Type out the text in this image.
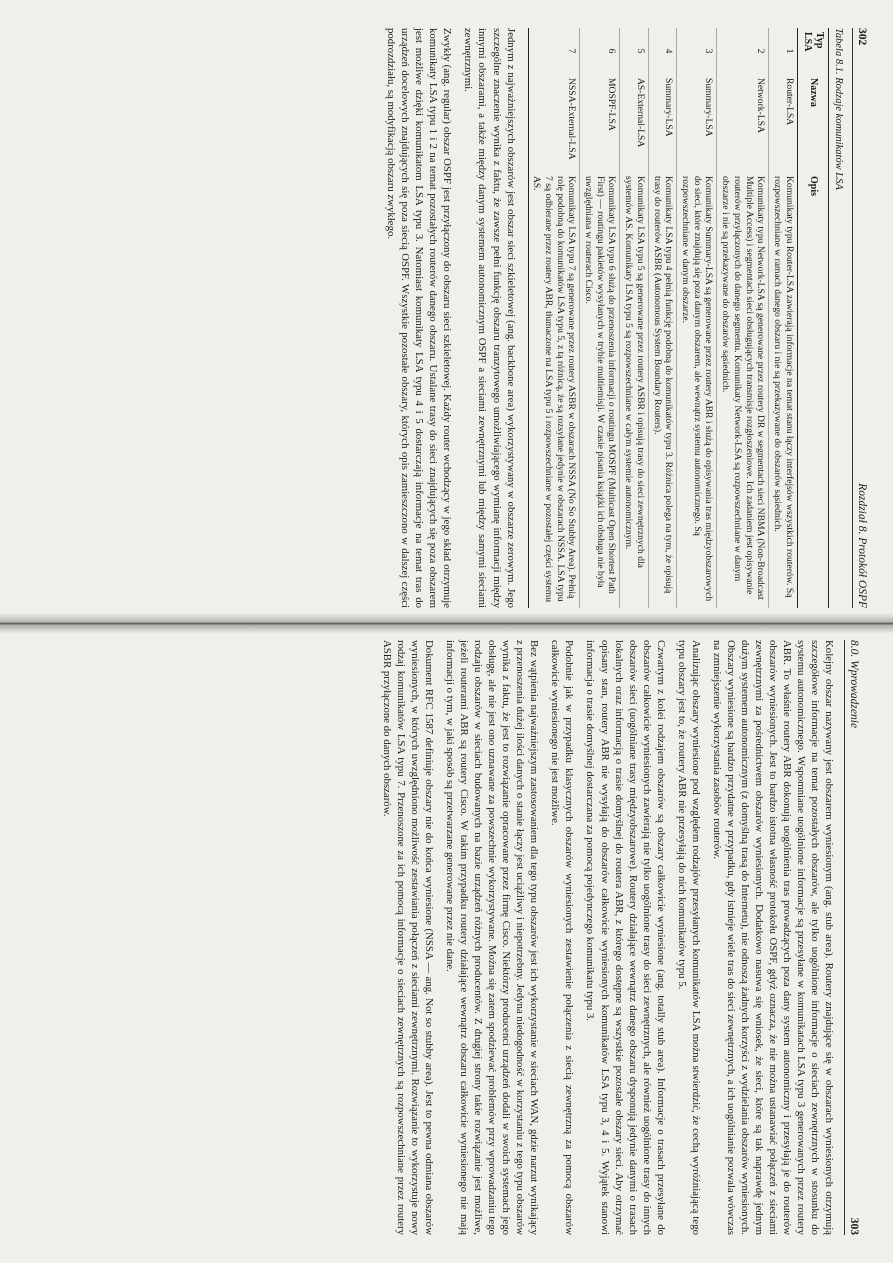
302
Rozdział 8. Protokół OSPF
Tabela 8.1. Rodzaje komunikatów LSA
Typ LSA	Nazwa	Opis
1	Router-LSA	Komunikaty typu Router-LSA zawierają informacje na temat stanu łączy interfejsów wszystkich routerów. Są rozpowszechniane w ramach danego obszaru i nie są przekazywane do obszarów sąsiednich.
2	Network-LSA	Komunikaty typu Network-LSA są generowane przez routery DR w segmentach sieci NBMA (Non-Broadcast Multiple Access) i segmentach sieci obsługujących transmisje rozgłoszeniowe. Ich zadaniem jest opisywanie routerów przyłączonych do danego segmentu. Komunikaty Network-LSA są rozpowszechniane w danym obszarze i nie są przekazywane do obszarów sąsiednich.
3	Summary-LSA	Komunikaty Summary-LSA są generowane przez routery ABR i służą do opisywania tras międzyobszarowych do sieci, które znajdują się poza danym obszarem, ale wewnątrz systemu autonomicznego. Są rozpowszechniane w danym obszarze.
4	Summary-LSA	Komunikaty LSA typu 4 pełnią funkcję podobną do komunikatów typu 3. Różnica polega na tym, że opisują trasy do routerów ASBR (Autonomous System Boundary Routers).
5	AS-External-LSA	Komunikaty LSA typu 5 są generowane przez routery ASBR i opisują trasy do sieci zewnętrznych dla systemów AS. Komunikaty LSA typu 5 są rozpowszechniane w całym systemie autonomicznym.
6	MOSPF-LSA	Komunikaty LSA typu 6 służą do przenoszenia informacji o routingu MOSPF (Multicast Open Shortest Path First) — routingu pakietów wysyłanych w trybie multiemisji. W czasie pisania książki ich obsługa nie była uwzględniana w routerach Cisco.
7	NSSA-External-LSA	Komunikaty LSA typu 7 są generowane przez routery ASBR w obszarach NSSA (No So Stubby Area). Pełnią rolę podobną do komunikatów LSA typu 5, z tą różnicą, że są rozsyłane jedynie w obszarach NSSA. LSA typu 7 są odbierane przez routery ABR, tłumaczone na LSA typu 5 i rozpowszechniane w pozostałej części systemu AS.

Jednym z najważniejszych obszarów jest obszar sieci szkieletowej (ang. backbone area) wykorzystywany w obszarze zerowym. Jego szczególne znaczenie wynika z faktu, że zawsze pełni funkcję obszaru tranzytowego umożliwiającego wymianę informacji między innymi obszarami, a także między danym systemem autonomicznym OSPF a sieciami zewnętrznymi lub między samymi sieciami zewnętrznymi.

Zwykły (ang. regular) obszar OSPF jest przyłączony do obszaru sieci szkieletowej. Każdy router wchodzący w jego skład otrzymuje komunikaty LSA typu 1 i 2 na temat pozostałych routerów danego obszaru. Ustalane trasy do sieci znajdujących się poza obszarem jest możliwe dzięki komunikatom LSA typu 3. Natomiast komunikaty LSA typu 4 i 5 dostarczają informacje na temat tras do urządzeń docelowych znajdujących się poza siecią OSPF. Wszystkie pozostałe obszary, których opis zamieszczono w dalszej części podrozdziału, są modyfikacją obszaru zwykłego.

8.0. Wprowadzenie
303

Kolejny obszar nazywany jest obszarem wyniesionym (ang. stub area). Routery znajdujące się w obszarach wyniesionych otrzymują szczegółowe informacje na temat pozostałych obszarów, ale tylko uogólnione informacje o sieciach zewnętrznych w stosunku do systemu autonomicznego. Wspomniane uogólnione informacje są przesyłane w komunikatach LSA typu 3 generowanych przez routery ABR. To właśnie routery ABR dokonują uogólnienia tras prowadzących poza dany system autonomiczny i przesyłają je do routerów obszarów wyniesionych. Jest to bardzo istotna własność protokołu OSPF, gdyż oznacza, że nie można ustanawiać połączeń z sieciami zewnętrznymi za pośrednictwem obszarów wyniesionych. Dodatkowo nasuwa się wniosek, że sieci, które są tak naprawdę jednym dużym systemem autonomicznym (z domyślną trasą do Internetu), nie odnoszą żadnych korzyści z wydzielania obszarów wyniesionych. Obszary wyniesione są bardzo przydatne w przypadku, gdy istnieje wiele tras do sieci zewnętrznych, a ich uogólnianie pozwala wówczas na zmniejszenie wykorzystania zasobów routerów.

Analizując obszary wyniesione pod względem rodzajów przesyłanych komunikatów LSA można stwierdzić, że cechą wyróżniającą tego typu obszary jest to, że routery ABR nie przesyłają do nich komunikatów typu 5.

Czwartym z kolei rodzajem obszarów są obszary całkowicie wyniesione (ang. totally stub area). Informacje o trasach przesyłane do obszarów całkowicie wyniesionych zawierają nie tylko uogólnione trasy do sieci zewnętrznych, ale również uogólnione trasy do innych obszarów sieci (uogólniane trasy międzyobszarowe). Routery działające wewnątrz danego obszaru dysponują jedynie danymi o trasach lokalnych oraz informacją o trasie domyślnej do routera ABR, z którego dostępne są wszystkie pozostałe obszary sieci. Aby otrzymać opisany stan, routery ABR nie wysyłają do obszarów całkowicie wyniesionych komunikatów LSA typu 3, 4 i 5. Wyjątek stanowi informacja o trasie domyślnej dostarczana za pomocą pojedynczego komunikatu typu 3.

Podobnie jak w przypadku klasycznych obszarów wyniesionych zestawienie połączenia z siecią zewnętrzną za pomocą obszarów całkowicie wyniesionego nie jest możliwe.

Bez wątpienia najważniejszym zastosowaniem dla tego typu obszarów jest ich wykorzystanie w sieciach WAN, gdzie narzut wynikający z przenoszenia dużej ilości danych o stanie łączy jest uciążliwy i niepotrzebny. Jedyna niedogodność w korzystaniu z tego typu obszarów wynika z faktu, że jest to rozwiązanie opracowane przez firmę Cisco. Niektórzy producenci urządzeń dodali w swoich systemach jego obsługę, ale nie jest ono uznawane za powszechnie wykorzystywane. Można się zatem spodziewać problemów przy wprowadzaniu tego rodzaju obszarów w sieciach budowanych na bazie urządzeń różnych producentów. Z drugiej strony takie rozwiązanie jest możliwe, jeżeli routerami ABR są routery Cisco. W takim przypadku routery działające wewnątrz obszaru całkowicie wyniesionego nie mają informacji o tym, w jaki sposób są przetwarzane generowane przez nie dane.

Dokument RFC 1587 definiuje obszary nie do końca wyniesione (NSSA — ang. Not so stubby area). Jest to pewna odmiana obszarów wyniesionych, w których uwzględniono możliwość zestawiania połączeń z sieciami zewnętrznymi. Rozwiązanie to wykorzystuje nowy rodzaj komunikatów LSA typu 7. Przenoszone za ich pomocą informacje o sieciach zewnętrznych są rozpowszechniane przez routery ASBR przyłączone do danych obszarów.
